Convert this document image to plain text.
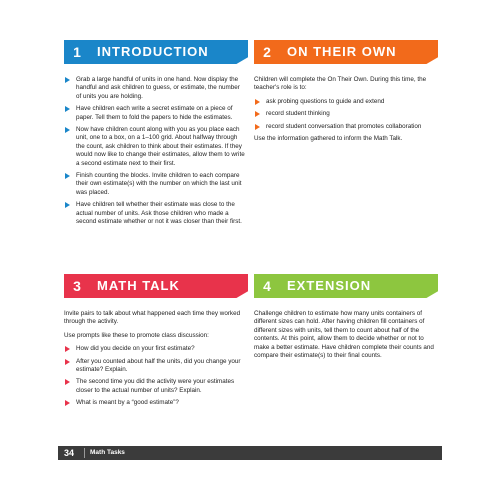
1	INTRODUCTION
Grab a large handful of units in one hand. Now display the handful and ask children to guess, or estimate, the number of units you are holding.
Have children each write a secret estimate on a piece of paper. Tell them to fold the papers to hide the estimates.
Now have children count along with you as you place each unit, one to a box, on a 1–100 grid. About halfway through the count, ask children to think about their estimates. If they would now like to change their estimates, allow them to write a second estimate next to their first.
Finish counting the blocks. Invite children to each compare their own estimate(s) with the number on which the last unit was placed.
Have children tell whether their estimate was close to the actual number of units. Ask those children who made a second estimate whether or not it was closer than their first.
2	ON THEIR OWN

Children will complete the On Their Own. During this time, the teacher's role is to:

ask probing questions to guide and extend
record student thinking
record student conversation that promotes collaboration

Use the information gathered to inform the Math Talk.

3	MATH TALK

Invite pairs to talk about what happened each time they worked through the activity.

Use prompts like these to promote class discussion:

How did you decide on your first estimate?
After you counted about half the units, did you change your estimate? Explain.
The second time you did the activity were your estimates closer to the actual number of units? Explain.
What is meant by a “good estimate”?
4	EXTENSION

Challenge children to estimate how many units containers of different sizes can hold. After having children fill containers of different sizes with units, tell them to count about half of the contents. At this point, allow them to decide whether or not to make a better estimate. Have children complete their counts and compare their estimate(s) to their final counts.

34 Math Tasks
